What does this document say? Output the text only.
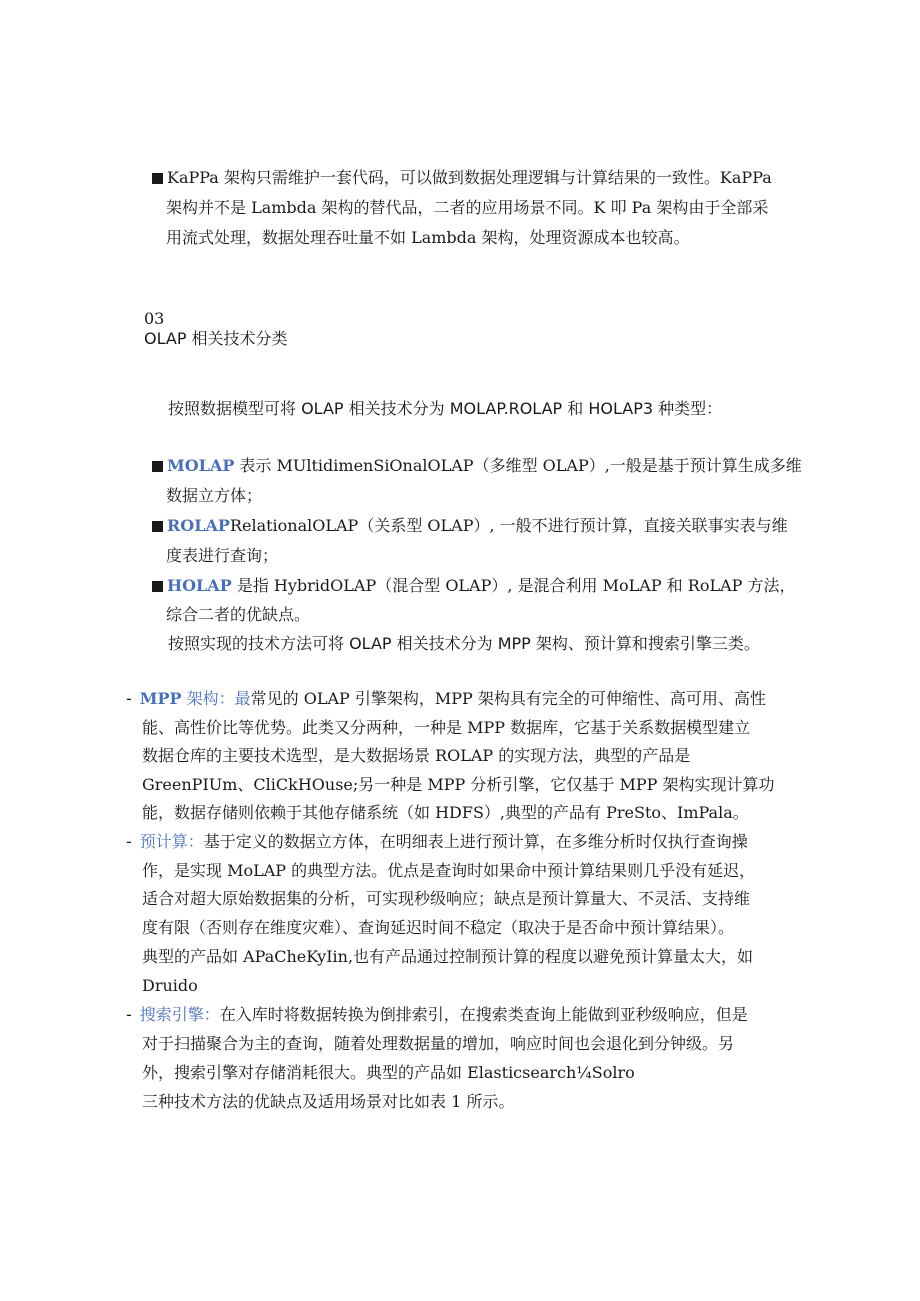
KaPPa 架构只需维护一套代码，可以做到数据处理逻辑与计算结果的一致性。KaPPa
架构并不是 Lambda 架构的替代品，二者的应用场景不同。K 叩 Pa 架构由于全部采
用流式处理，数据处理吞吐量不如 Lambda 架构，处理资源成本也较高。
03
OLAP 相关技术分类
按照数据模型可将 OLAP 相关技术分为 MOLAP.ROLAP 和 HOLAP3 种类型：
MOLAP 表示 MUltidimenSiOnalOLAP（多维型 OLAP）,一般是基于预计算生成多维
数据立方体；
ROLAPRelationalOLAP（关系型 OLAP）, 一般不进行预计算，直接关联事实表与维
度表进行查询；
HOLAP 是指 HybridOLAP（混合型 OLAP）, 是混合利用 MoLAP 和 RoLAP 方法，
综合二者的优缺点。
按照实现的技术方法可将 OLAP 相关技术分为 MPP 架构、预计算和搜索引擎三类。
- MPP 架构：最常见的 OLAP 引擎架构，MPP 架构具有完全的可伸缩性、高可用、高性
能、高性价比等优势。此类又分两种，一种是 MPP 数据库，它基于关系数据模型建立
数据仓库的主要技术选型，是大数据场景 ROLAP 的实现方法，典型的产品是
GreenPIUm、CliCkHOuse;另一种是 MPP 分析引擎，它仅基于 MPP 架构实现计算功
能，数据存储则依赖于其他存储系统（如 HDFS）,典型的产品有 PreSto、ImPala。
- 预计算：基于定义的数据立方体，在明细表上进行预计算，在多维分析时仅执行查询操
作，是实现 MoLAP 的典型方法。优点是查询时如果命中预计算结果则几乎没有延迟，
适合对超大原始数据集的分析，可实现秒级响应；缺点是预计算量大、不灵活、支持维
度有限（否则存在维度灾难）、查询延迟时间不稳定（取决于是否命中预计算结果）。
典型的产品如 APaCheKyIin,也有产品通过控制预计算的程度以避免预计算量太大，如
Druido
- 搜索引擎：在入库时将数据转换为倒排索引，在搜索类查询上能做到亚秒级响应，但是
对于扫描聚合为主的查询，随着处理数据量的增加，响应时间也会退化到分钟级。另
外，搜索引擎对存储消耗很大。典型的产品如 Elasticsearch¼Solro
三种技术方法的优缺点及适用场景对比如表 1 所示。
